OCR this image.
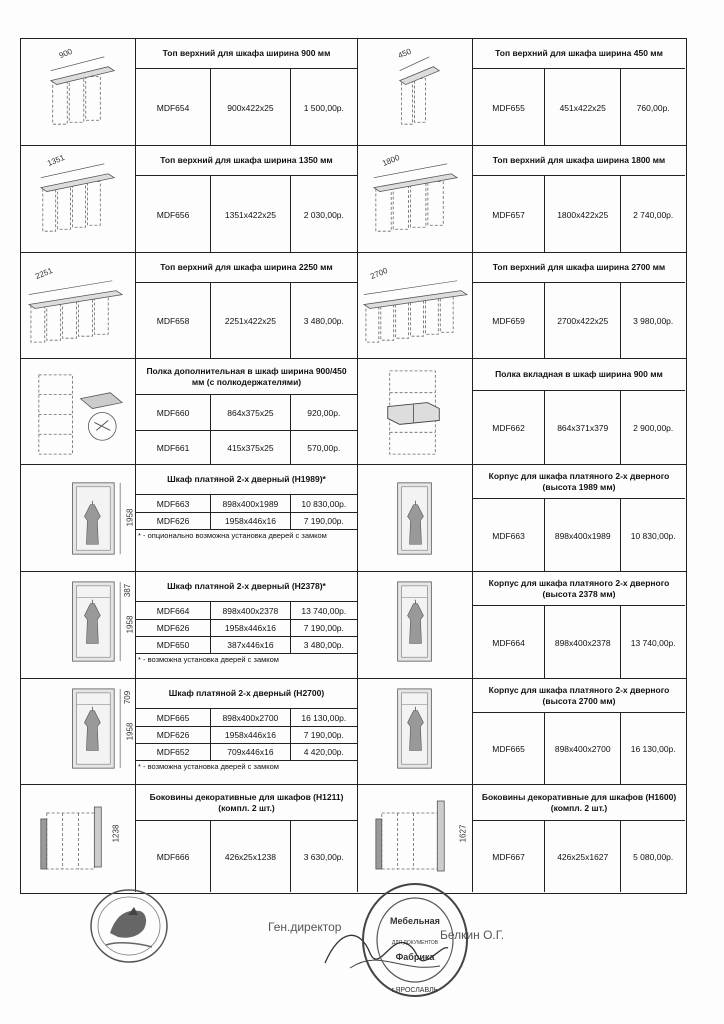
900	Топ верхний для шкафа ширина 900 мм
MDF654	900x422x25	1 500,00р.
450	Топ верхний для шкафа ширина 450 мм
MDF655	451x422x25	760,00р.
1351	Топ верхний для шкафа ширина 1350 мм
MDF656	1351x422x25	2 030,00р.
1800	Топ верхний для шкафа ширина 1800 мм
MDF657	1800x422x25	2 740,00р.
2251	Топ верхний для шкафа ширина 2250 мм
MDF658	2251x422x25	3 480,00р.
2700	Топ верхний для шкафа ширина 2700 мм
MDF659	2700x422x25	3 980,00р.
Полка дополнительная в шкаф ширина 900/450 мм (с полкодержателями)
MDF660	864x375x25	920,00р.
MDF661	415x375x25	570,00р.
Полка вкладная в шкаф ширина 900 мм
MDF662	864x371x379	2 900,00р.
1958
Шкаф платяной 2-х дверный (H1989)*
MDF663	898x400x1989	10 830,00р.
MDF626	1958x446x16	7 190,00р.
* - опционально возможна установка дверей с замком
Корпус для шкафа платяного 2-х дверного (высота 1989 мм)
MDF663	898x400x1989	10 830,00р.
387
1958
Шкаф платяной 2-х дверный (H2378)*
MDF664	898x400x2378	13 740,00р.
MDF626	1958x446x16	7 190,00р.
MDF650	387x446x16	3 480,00р.
* - возможна установка дверей с замком
Корпус для шкафа платяного 2-х дверного (высота 2378 мм)
MDF664	898x400x2378	13 740,00р.
709
1958
Шкаф платяной 2-х дверный (H2700)
MDF665	898x400x2700	16 130,00р.
MDF626	1958x446x16	7 190,00р.
MDF652	709x446x16	4 420,00р.
* - возможна установка дверей с замком
Корпус для шкафа платяного 2-х дверного (высота 2700 мм)
MDF665	898x400x2700	16 130,00р.
1238
Боковины декоративные для шкафов (H1211) (компл. 2 шт.)
MDF666	426x25x1238	3 630,00р.
1627
Боковины декоративные для шкафов (H1600) (компл. 2 шт.)
MDF667	426x25x1627	5 080,00р.
Ген.директор
Белкин О.Г.
Мебельная
ДЛЯ ДОКУМЕНТОВ
Фабрика
г.ЯРОСЛАВЛЬ
